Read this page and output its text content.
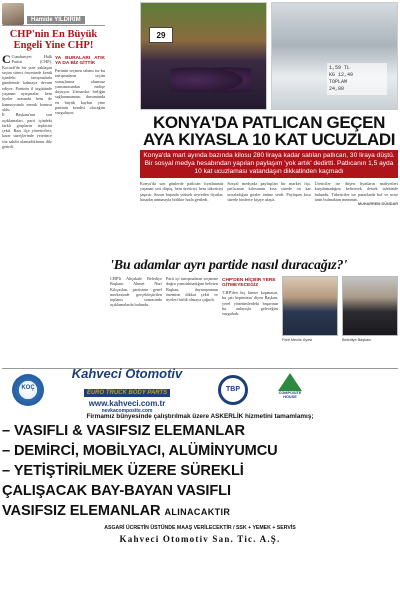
Hamide YILDIRIM
CHP'nin En Büyük Engeli Yine CHP!
C Cumhuriyet Halk Partisi (CHP), Kocaeli'de bir yıne yaklaşan seçim süreci öncesinde kendi içindeki tartışmalarla gündemde kalmaya devam ediyor. Partinin il örgütünde yaşanan ayrışmalar, hem üyeler arasında hem de kamuoyunda merak konusu oldu.

İl Başkanı'nın son açıklamaları, parti içindeki farklı grupların tepkisini çekti. Bazı ilçe yöneticileri, karar süreçlerinde yeterince söz sahibi olamadıklarını dile getirdi.

YA BURALARI ATIK YA DA BİZ GİTTİK

Partinin seçmen tabanı ise bu tartışmaların seçim sonuçlarına olumsuz yansımasından endişe duyuyor. Uzmanlar, birliğin sağlanamaması durumunda en büyük kaybın yine partinin kendisi olacağını vurguluyor.

29
1,59 TL
KG 12,40
TOPLAM
24,80
KONYA'DA PATLICAN GEÇEN AYA KIYASLA 10 KAT UCUZLADI
Konya'da mart ayında bazında kilosu 280 liraya kadar satılan patlıcan, 30 liraya düştü. Bir sosyal medya hesabından yapılan paylaşım 'yok artık' dedirtti. Patlıcanın 1,5 ayda 10 kat ucuzlaması vatandaşın dikkatinden kaçmadı
Konya'da son günlerde patlıcan fiyatlarında yaşanan sert düşüş, hem üreticiyi hem tüketiciyi şaşırttı. Sezon başında yüksek seyreden fiyatlar, hasadın artmasıyla birlikte hızla geriledi.
Sosyal medyada paylaşılan bir market fişi, patlıcanın kilosunun kısa sürede on kat ucuzladığını gözler önüne serdi. Paylaşım kısa sürede binlerce kişiye ulaştı.

Üreticiler ise düşen fiyatların maliyetleri karşılamadığını belirterek destek talebinde bulundu. Tüketiciler ise pazarlarda bol ve ucuz ürün bulmaktan memnun.

MUHARREM DÜNDAR
'Bu adamlar ayrı partide nasıl duracağız?'
CHP'li Akçakale Belediye Başkanı Ahmet Nuri Kılıçaslan, partisinin genel merkezinde gerçekleştirilen toplantı sonrasında açıklamalarda bulundu.
Parti içi tartışmaların seçmene doğru yansıtılmadığını belirten Başkan, dayanışmanın önemine dikkat çekti ve üyeleri birlik olmaya çağırdı.
CHP'DEN HİÇBİR YERE GİTMEYECEĞİZ
'CHP'den hiç kimse kopmasın, bu çatı hepimizin' diyen Başkan, yerel yönetimlerdeki başarının bu anlayışla geleceğini vurguladı.
Parti Meclis Üyesi	Belediye Başkanı
KOÇ
Kahveci Otomotiv
EURO TRUCK BODY PARTS
www.kahveci.com.tr
nevkacomposite.com
TBP	COMPOSITE HOUSE
Firmamız bünyesinde çalıştırılmak üzere ASKERLİK hizmetini tamamlamış;
– VASIFLI & VASIFSIZ ELEMANLAR
– DEMİRCİ, MOBİLYACI, ALÜMİNYUMCU
– YETİŞTİRİLMEK ÜZERE SÜREKLİ
ÇALIŞACAK BAY-BAYAN VASIFLI
VASIFSIZ ELEMANLAR ALINACAKTIR
ASGARİ ÜCRETİN ÜSTÜNDE MAAŞ VERİLECEKTİR / SSK + YEMEK + SERVİS
Kahveci Otomotiv San. Tic. A.Ş.
